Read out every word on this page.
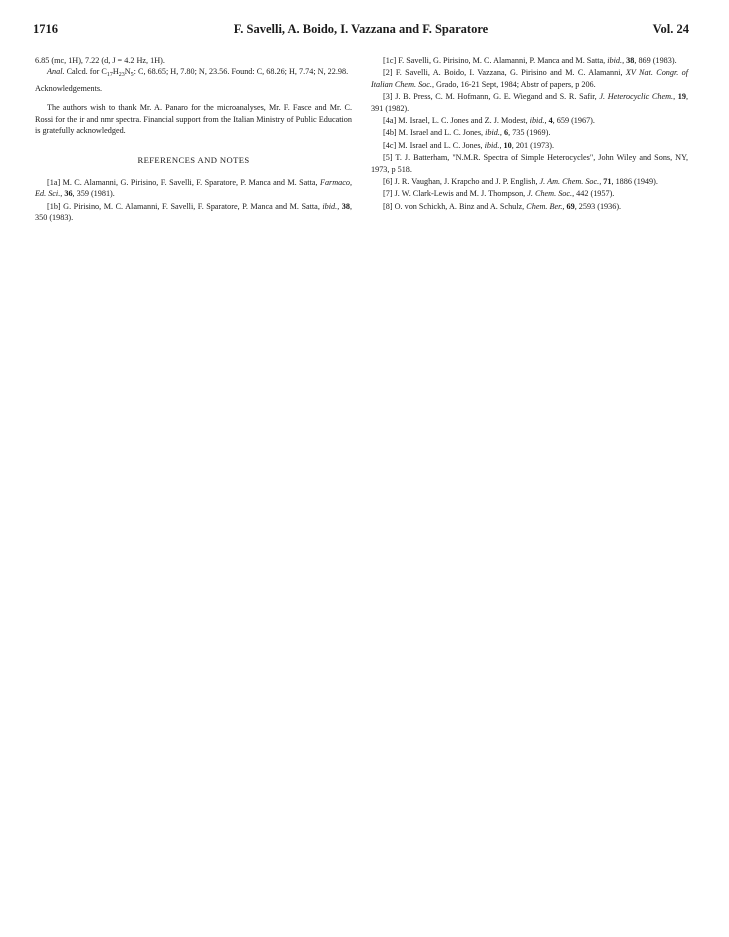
1716	F. Savelli, A. Boido, I. Vazzana and F. Sparatore	Vol. 24

6.85 (mc, 1H), 7.22 (d, J = 4.2 Hz, 1H).

Anal. Calcd. for $C_{17}H_{23}N_5$: C, 68.65; H, 7.80; N, 23.56. Found: C, 68.26; H, 7.74; N, 22.98.

Acknowledgements.

The authors wish to thank Mr. A. Panaro for the microanalyses, Mr. F. Fasce and Mr. C. Rossi for the ir and nmr spectra. Financial support from the Italian Ministry of Public Education is gratefully acknowledged.

REFERENCES AND NOTES

[1a] M. C. Alamanni, G. Pirisino, F. Savelli, F. Sparatore, P. Manca and M. Satta, Farmaco, Ed. Sci., 36, 359 (1981).

[1b] G. Pirisino, M. C. Alamanni, F. Savelli, F. Sparatore, P. Manca and M. Satta, ibid., 38, 350 (1983).

[1c] F. Savelli, G. Pirisino, M. C. Alamanni, P. Manca and M. Satta, ibid., 38, 869 (1983).

[2] F. Savelli, A. Boido, I. Vazzana, G. Pirisino and M. C. Alamanni, XV Nat. Congr. of Italian Chem. Soc., Grado, 16-21 Sept, 1984; Abstr of papers, p 206.

[3] J. B. Press, C. M. Hofmann, G. E. Wiegand and S. R. Safir, J. Heterocyclic Chem., 19, 391 (1982).

[4a] M. Israel, L. C. Jones and Z. J. Modest, ibid., 4, 659 (1967).

[4b] M. Israel and L. C. Jones, ibid., 6, 735 (1969).

[4c] M. Israel and L. C. Jones, ibid., 10, 201 (1973).

[5] T. J. Batterham, "N.M.R. Spectra of Simple Heterocycles", John Wiley and Sons, NY, 1973, p 518.

[6] J. R. Vaughan, J. Krapcho and J. P. English, J. Am. Chem. Soc., 71, 1886 (1949).

[7] J. W. Clark-Lewis and M. J. Thompson, J. Chem. Soc., 442 (1957).

[8] O. von Schickh, A. Binz and A. Schulz, Chem. Ber., 69, 2593 (1936).
